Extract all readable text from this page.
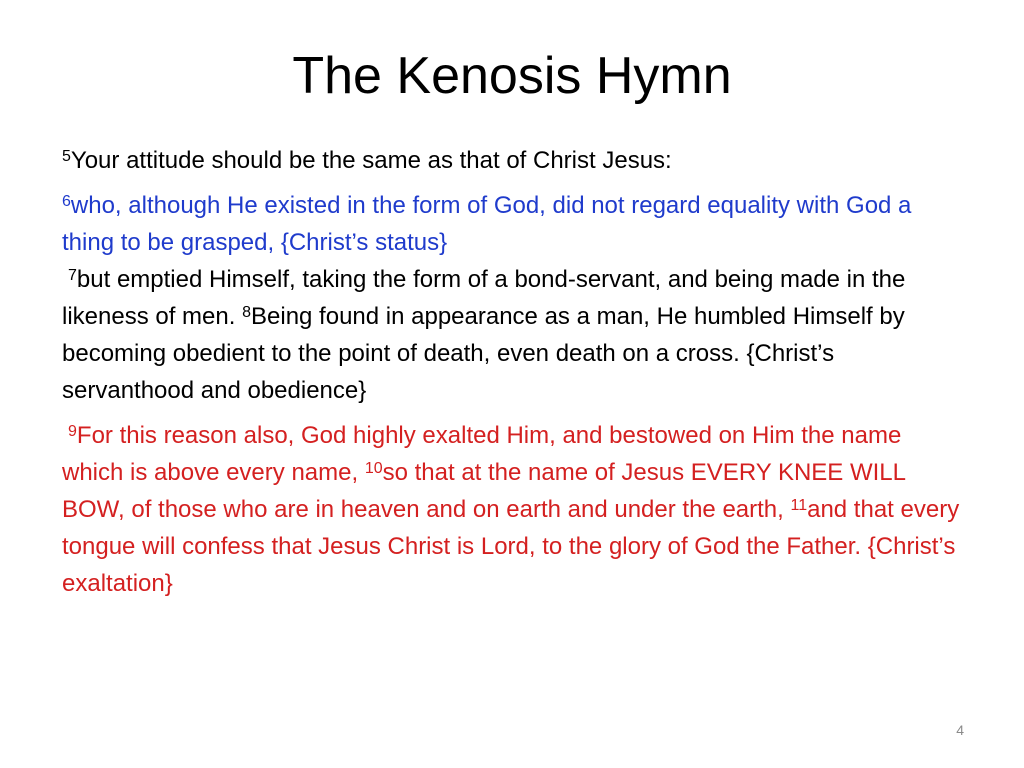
The Kenosis Hymn

$^5$Your attitude should be the same as that of Christ Jesus:

$^6$who, although He existed in the form of God, did not regard equality with God a thing to be grasped, {Christ’s status}

$^7$but emptied Himself, taking the form of a bond-servant, and being made in the likeness of men. $^8$Being found in appearance as a man, He humbled Himself by becoming obedient to the point of death, even death on a cross. {Christ’s servanthood and obedience}

$^9$For this reason also, God highly exalted Him, and bestowed on Him the name which is above every name, $^{10}$so that at the name of Jesus EVERY KNEE WILL BOW, of those who are in heaven and on earth and under the earth, $^{11}$and that every tongue will confess that Jesus Christ is Lord, to the glory of God the Father. {Christ’s exaltation}

4
